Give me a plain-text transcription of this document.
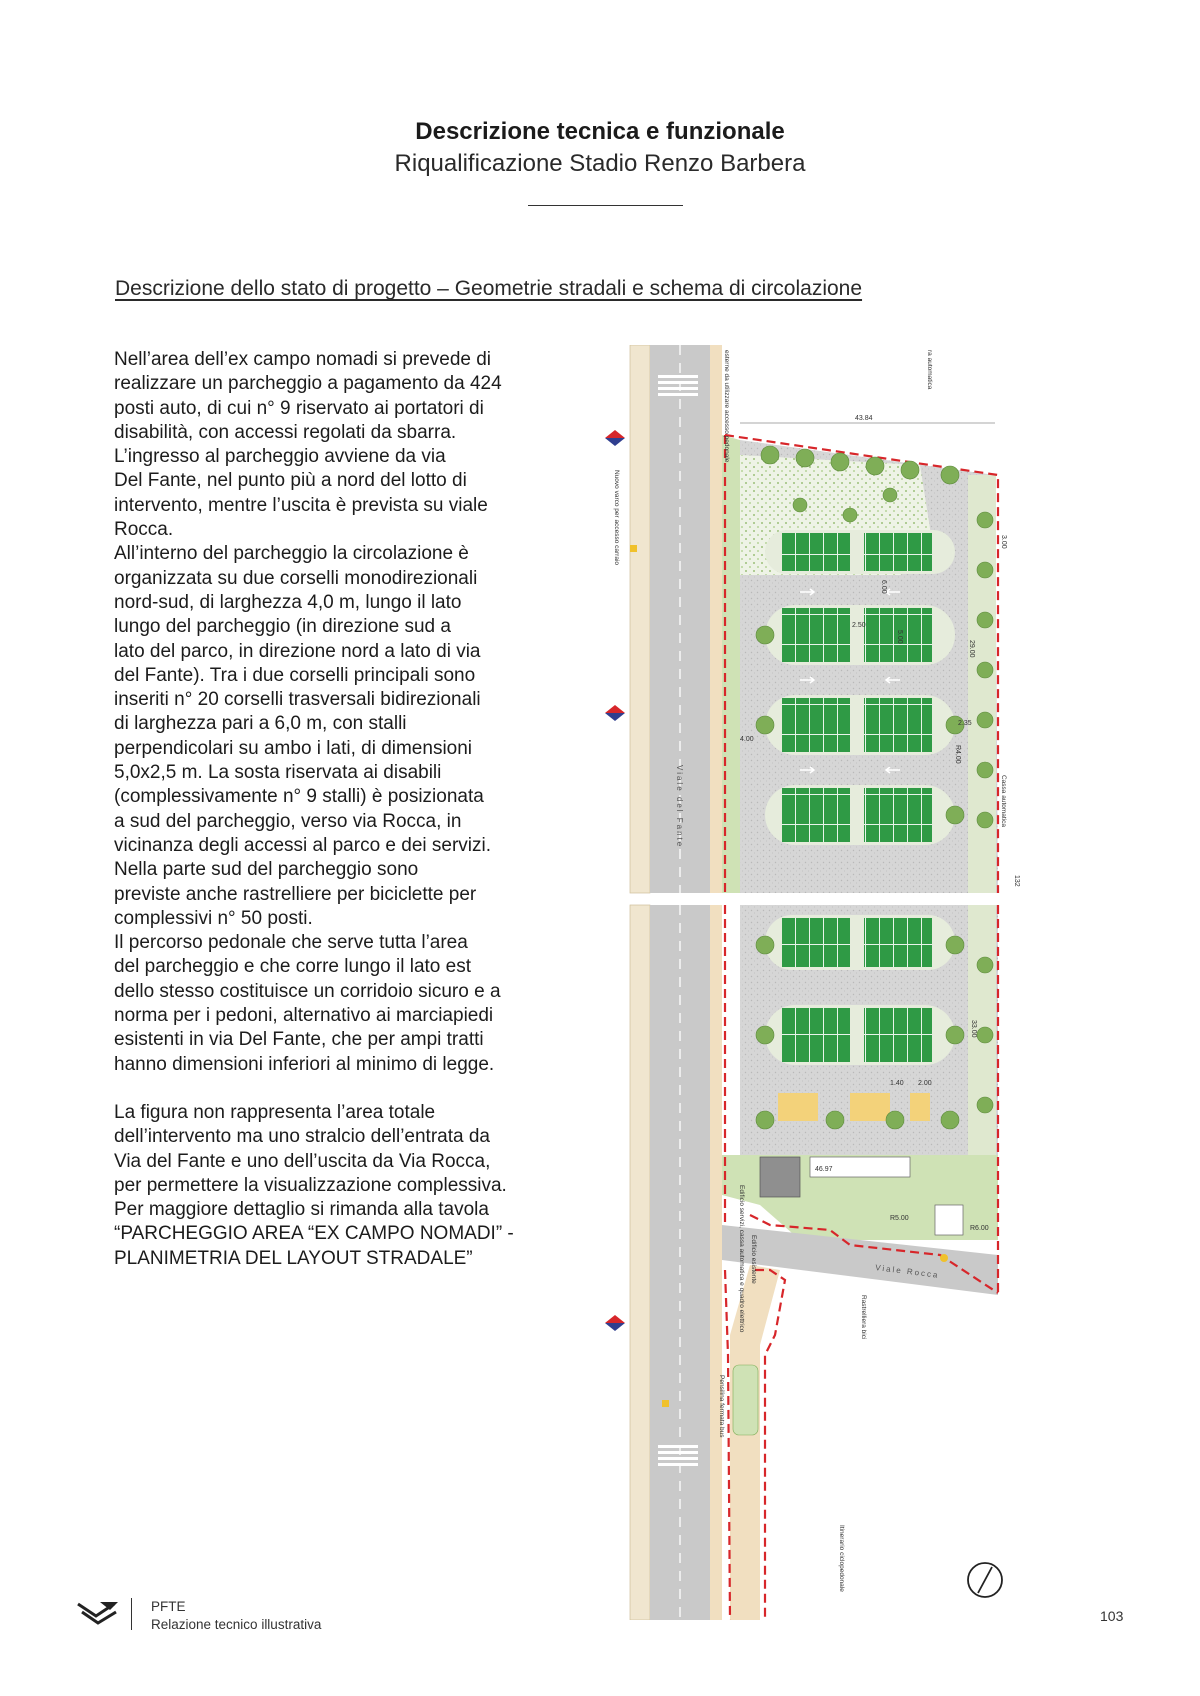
Descrizione tecnica e funzionale
Riqualificazione Stadio Renzo Barbera
Descrizione dello stato di progetto – Geometrie stradali e schema di circolazione

Nell’area dell’ex campo nomadi si prevede di

realizzare un parcheggio a pagamento da 424

posti auto, di cui n° 9 riservato ai portatori di

disabilità, con accessi regolati da sbarra.

L’ingresso al parcheggio avviene da via

Del Fante, nel punto più a nord del lotto di

intervento, mentre l’uscita è prevista su viale

Rocca.

All’interno del parcheggio la circolazione è

organizzata su due corselli monodirezionali

nord-sud, di larghezza 4,0 m, lungo il lato

lungo del parcheggio (in direzione sud a

lato del parco, in direzione nord a lato di via

del Fante). Tra i due corselli principali sono

inseriti n° 20 corselli trasversali bidirezionali

di larghezza pari a 6,0 m, con stalli

perpendicolari su ambo i lati, di dimensioni

5,0x2,5 m. La sosta riservata ai disabili

(complessivamente n° 9 stalli) è posizionata

a sud del parcheggio, verso via Rocca, in

vicinanza degli accessi al parco e dei servizi.

Nella parte sud del parcheggio sono

previste anche rastrelliere per biciclette per

complessivi n° 50 posti.

Il percorso pedonale che serve tutta l’area

del parcheggio e che corre lungo il lato est

dello stesso costituisce un corridoio sicuro e a

norma per i pedoni, alternativo ai marciapiedi

esistenti in via Del Fante, che per ampi tratti

hanno dimensioni inferiori al minimo di legge.

La figura non rappresenta l’area totale

dell’intervento ma uno stralcio dell’entrata da

Via del Fante e uno dell’uscita da Via Rocca,

per permettere la visualizzazione complessiva.

Per maggiore dettaglio si rimanda alla tavola

“PARCHEGGIO AREA “EX CAMPO NOMADI” -

PLANIMETRIA DEL LAYOUT STRADALE”

43.84
esterne da utilizzare accesso pedonale	ra automatica
Nuovo varco per accesso carraio
Viale del Fante	Cassa automatica
2.50
6.00
5.00
4.00
2.35
R4.00
3.00
29.00
132
46.97
1.40 2.00
33.00
R5.00
R6.00
Edificio servizi, cassa automatica e quadro elettrico Edificio esistente	Viale Rocca
Rastrelliera bici
Pensilina fermata bus
Itinerario ciclopedonale
PFTE
Relazione tecnico illustrativa
103
